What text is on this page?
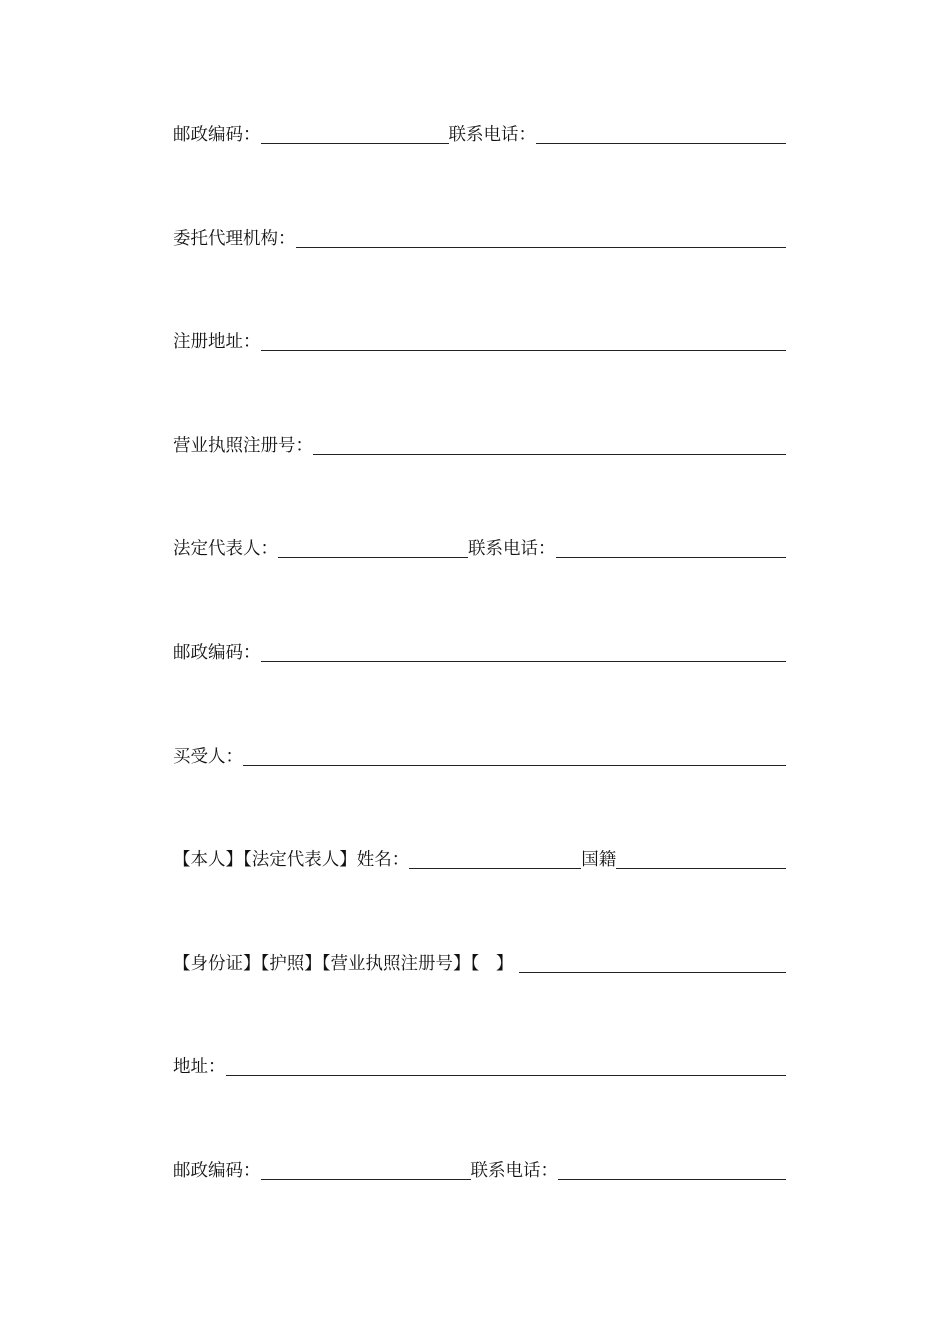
邮政编码：	联系电话：
委托代理机构：
注册地址：
营业执照注册号：
法定代表人：	联系电话：
邮政编码：
买受人：
【本人】【法定代表人】姓名：	国籍
【身份证】【护照】【营业执照注册号】【   】
地址：
邮政编码：	联系电话：
